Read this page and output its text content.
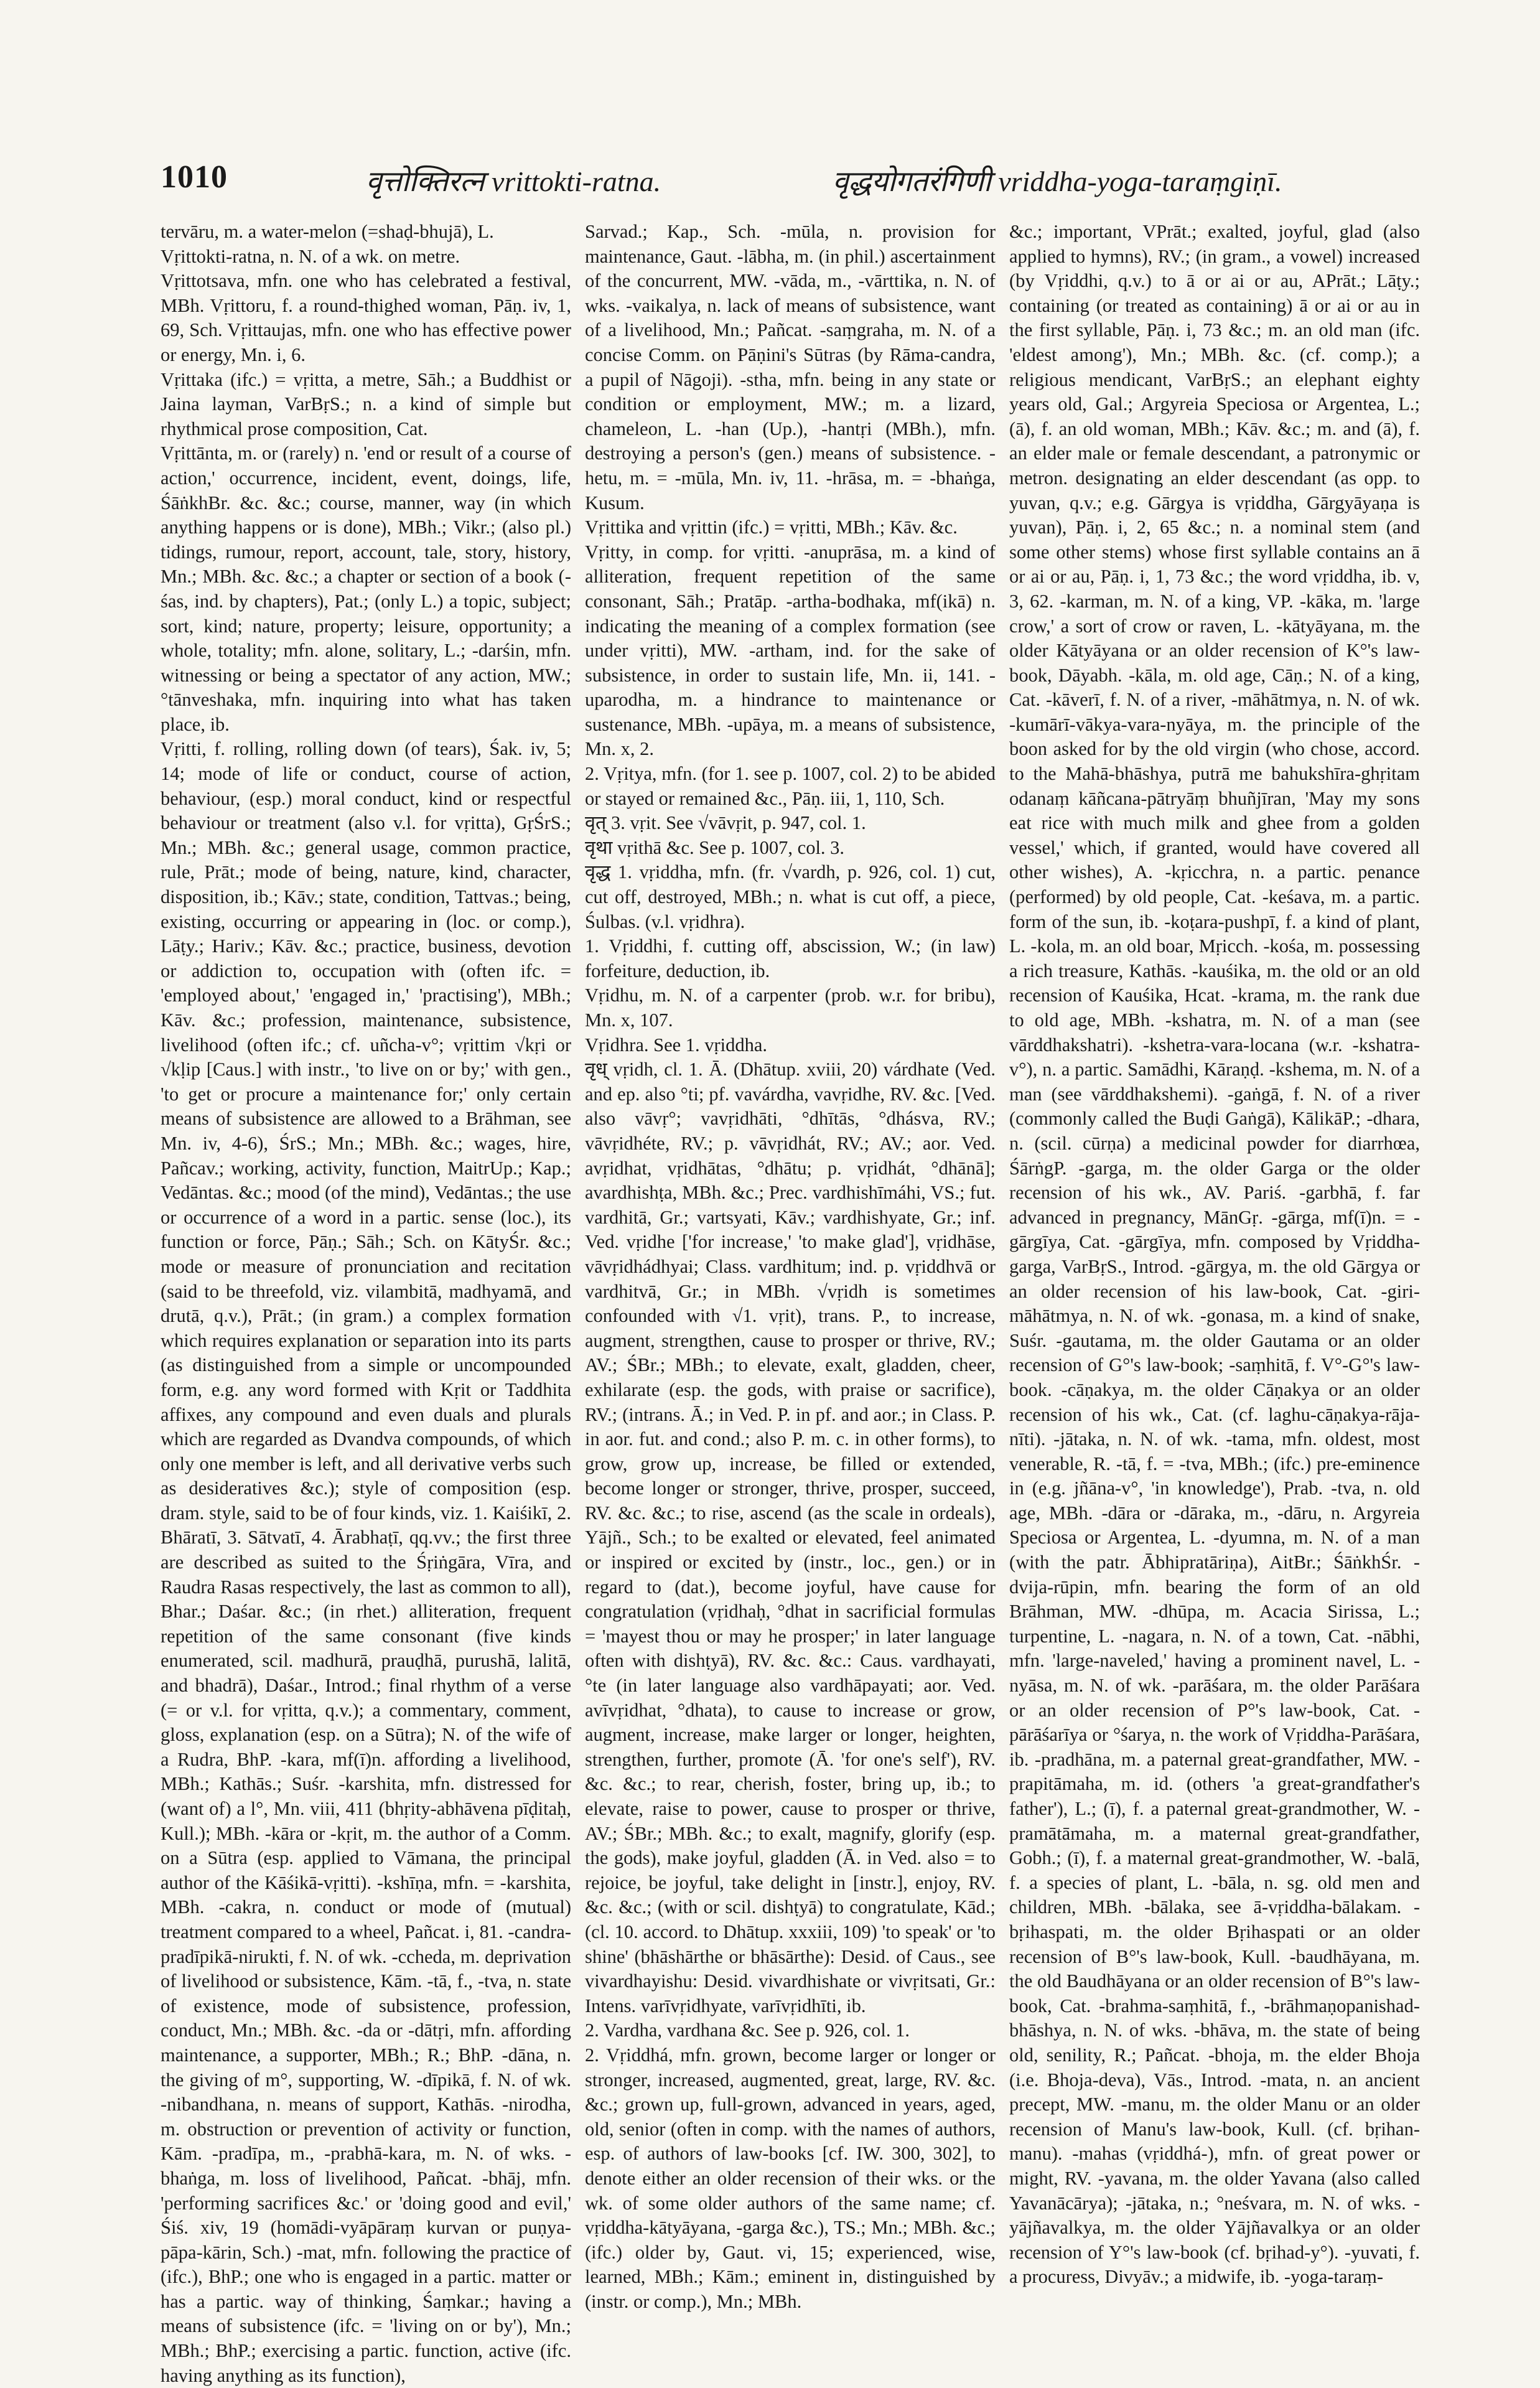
1010	वृत्तोक्तिरत्न vrittokti-ratna.	वृद्धयोगतरंगिणी vriddha-yoga-taraṃgiṇī.

tervāru, m. a water-melon (=shaḍ-bhujā), L.

Vṛittokti-ratna, n. N. of a wk. on metre.

Vṛittotsava, mfn. one who has celebrated a festival, MBh. Vṛittoru, f. a round-thighed woman, Pāṇ. iv, 1, 69, Sch. Vṛittaujas, mfn. one who has effective power or energy, Mn. i, 6.

Vṛittaka (ifc.) = vṛitta, a metre, Sāh.; a Buddhist or Jaina layman, VarBṛS.; n. a kind of simple but rhythmical prose composition, Cat.

Vṛittānta, m. or (rarely) n. 'end or result of a course of action,' occurrence, incident, event, doings, life, ŚāṅkhBr. &c. &c.; course, manner, way (in which anything happens or is done), MBh.; Vikr.; (also pl.) tidings, rumour, report, account, tale, story, history, Mn.; MBh. &c. &c.; a chapter or section of a book (-śas, ind. by chapters), Pat.; (only L.) a topic, subject; sort, kind; nature, property; leisure, opportunity; a whole, totality; mfn. alone, solitary, L.; -darśin, mfn. witnessing or being a spectator of any action, MW.; °tānveshaka, mfn. inquiring into what has taken place, ib.

Vṛitti, f. rolling, rolling down (of tears), Śak. iv, 5; 14; mode of life or conduct, course of action, behaviour, (esp.) moral conduct, kind or respectful behaviour or treatment (also v.l. for vṛitta), GṛŚrS.; Mn.; MBh. &c.; general usage, common practice, rule, Prāt.; mode of being, nature, kind, character, disposition, ib.; Kāv.; state, condition, Tattvas.; being, existing, occurring or appearing in (loc. or comp.), Lāṭy.; Hariv.; Kāv. &c.; practice, business, devotion or addiction to, occupation with (often ifc. = 'employed about,' 'engaged in,' 'practising'), MBh.; Kāv. &c.; profession, maintenance, subsistence, livelihood (often ifc.; cf. uñcha-v°; vṛittim √kṛi or √kḷip [Caus.] with instr., 'to live on or by;' with gen., 'to get or procure a maintenance for;' only certain means of subsistence are allowed to a Brāhman, see Mn. iv, 4-6), ŚrS.; Mn.; MBh. &c.; wages, hire, Pañcav.; working, activity, function, MaitrUp.; Kap.; Vedāntas. &c.; mood (of the mind), Vedāntas.; the use or occurrence of a word in a partic. sense (loc.), its function or force, Pāṇ.; Sāh.; Sch. on KātyŚr. &c.; mode or measure of pronunciation and recitation (said to be threefold, viz. vilambitā, madhyamā, and drutā, q.v.), Prāt.; (in gram.) a complex formation which requires explanation or separation into its parts (as distinguished from a simple or uncompounded form, e.g. any word formed with Kṛit or Taddhita affixes, any compound and even duals and plurals which are regarded as Dvandva compounds, of which only one member is left, and all derivative verbs such as desideratives &c.); style of composition (esp. dram. style, said to be of four kinds, viz. 1. Kaiśikī, 2. Bhāratī, 3. Sātvatī, 4. Ārabhaṭī, qq.vv.; the first three are described as suited to the Śṛiṅgāra, Vīra, and Raudra Rasas respectively, the last as common to all), Bhar.; Daśar. &c.; (in rhet.) alliteration, frequent repetition of the same consonant (five kinds enumerated, scil. madhurā, prauḍhā, purushā, lalitā, and bhadrā), Daśar., Introd.; final rhythm of a verse (= or v.l. for vṛitta, q.v.); a commentary, comment, gloss, explanation (esp. on a Sūtra); N. of the wife of a Rudra, BhP. -kara, mf(ī)n. affording a livelihood, MBh.; Kathās.; Suśr. -karshita, mfn. distressed for (want of) a l°, Mn. viii, 411 (bhṛity-abhāvena pīḍitaḥ, Kull.); MBh. -kāra or -kṛit, m. the author of a Comm. on a Sūtra (esp. applied to Vāmana, the principal author of the Kāśikā-vṛitti). -kshīṇa, mfn. = -karshita, MBh. -cakra, n. conduct or mode of (mutual) treatment compared to a wheel, Pañcat. i, 81. -candra-pradīpikā-nirukti, f. N. of wk. -ccheda, m. deprivation of livelihood or subsistence, Kām. -tā, f., -tva, n. state of existence, mode of subsistence, profession, conduct, Mn.; MBh. &c. -da or -dātṛi, mfn. affording maintenance, a supporter, MBh.; R.; BhP. -dāna, n. the giving of m°, supporting, W. -dīpikā, f. N. of wk. -nibandhana, n. means of support, Kathās. -nirodha, m. obstruction or prevention of activity or function, Kām. -pradīpa, m., -prabhā-kara, m. N. of wks. -bhaṅga, m. loss of livelihood, Pañcat. -bhāj, mfn. 'performing sacrifices &c.' or 'doing good and evil,' Śiś. xiv, 19 (homādi-vyāpāraṃ kurvan or puṇya-pāpa-kārin, Sch.) -mat, mfn. following the practice of (ifc.), BhP.; one who is engaged in a partic. matter or has a partic. way of thinking, Śaṃkar.; having a means of subsistence (ifc. = 'living on or by'), Mn.; MBh.; BhP.; exercising a partic. function, active (ifc. having anything as its function),

Sarvad.; Kap., Sch. -mūla, n. provision for maintenance, Gaut. -lābha, m. (in phil.) ascertainment of the concurrent, MW. -vāda, m., -vārttika, n. N. of wks. -vaikalya, n. lack of means of subsistence, want of a livelihood, Mn.; Pañcat. -saṃgraha, m. N. of a concise Comm. on Pāṇini's Sūtras (by Rāma-candra, a pupil of Nāgoji). -stha, mfn. being in any state or condition or employment, MW.; m. a lizard, chameleon, L. -han (Up.), -hantṛi (MBh.), mfn. destroying a person's (gen.) means of subsistence. -hetu, m. = -mūla, Mn. iv, 11. -hrāsa, m. = -bhaṅga, Kusum.

Vṛittika and vṛittin (ifc.) = vṛitti, MBh.; Kāv. &c.

Vṛitty, in comp. for vṛitti. -anuprāsa, m. a kind of alliteration, frequent repetition of the same consonant, Sāh.; Pratāp. -artha-bodhaka, mf(ikā) n. indicating the meaning of a complex formation (see under vṛitti), MW. -artham, ind. for the sake of subsistence, in order to sustain life, Mn. ii, 141. -uparodha, m. a hindrance to maintenance or sustenance, MBh. -upāya, m. a means of subsistence, Mn. x, 2.

2. Vṛitya, mfn. (for 1. see p. 1007, col. 2) to be abided or stayed or remained &c., Pāṇ. iii, 1, 110, Sch.

वृत् 3. vṛit. See √vāvṛit, p. 947, col. 1.

वृथा vṛithā &c. See p. 1007, col. 3.

वृद्ध 1. vṛiddha, mfn. (fr. √vardh, p. 926, col. 1) cut, cut off, destroyed, MBh.; n. what is cut off, a piece, Śulbas. (v.l. vṛidhra).

1. Vṛiddhi, f. cutting off, abscission, W.; (in law) forfeiture, deduction, ib.

Vṛidhu, m. N. of a carpenter (prob. w.r. for bribu), Mn. x, 107.

Vṛidhra. See 1. vṛiddha.

वृध् vṛidh, cl. 1. Ā. (Dhātup. xviii, 20) várdhate (Ved. and ep. also °ti; pf. vavárdha, vavṛidhe, RV. &c. [Ved. also vāvṛ°; vavṛidhāti, °dhītās, °dhásva, RV.; vāvṛidhéte, RV.; p. vāvṛidhát, RV.; AV.; aor. Ved. avṛidhat, vṛidhātas, °dhātu; p. vṛidhát, °dhānā]; avardhishṭa, MBh. &c.; Prec. vardhishīmáhi, VS.; fut. vardhitā, Gr.; vartsyati, Kāv.; vardhishyate, Gr.; inf. Ved. vṛidhe ['for increase,' 'to make glad'], vṛidhāse, vāvṛidhádhyai; Class. vardhitum; ind. p. vṛiddhvā or vardhitvā, Gr.; in MBh. √vṛidh is sometimes confounded with √1. vṛit), trans. P., to increase, augment, strengthen, cause to prosper or thrive, RV.; AV.; ŚBr.; MBh.; to elevate, exalt, gladden, cheer, exhilarate (esp. the gods, with praise or sacrifice), RV.; (intrans. Ā.; in Ved. P. in pf. and aor.; in Class. P. in aor. fut. and cond.; also P. m. c. in other forms), to grow, grow up, increase, be filled or extended, become longer or stronger, thrive, prosper, succeed, RV. &c. &c.; to rise, ascend (as the scale in ordeals), Yājñ., Sch.; to be exalted or elevated, feel animated or inspired or excited by (instr., loc., gen.) or in regard to (dat.), become joyful, have cause for congratulation (vṛidhaḥ, °dhat in sacrificial formulas = 'mayest thou or may he prosper;' in later language often with dishṭyā), RV. &c. &c.: Caus. vardhayati, °te (in later language also vardhāpayati; aor. Ved. avīvṛidhat, °dhata), to cause to increase or grow, augment, increase, make larger or longer, heighten, strengthen, further, promote (Ā. 'for one's self'), RV. &c. &c.; to rear, cherish, foster, bring up, ib.; to elevate, raise to power, cause to prosper or thrive, AV.; ŚBr.; MBh. &c.; to exalt, magnify, glorify (esp. the gods), make joyful, gladden (Ā. in Ved. also = to rejoice, be joyful, take delight in [instr.], enjoy, RV. &c. &c.; (with or scil. dishṭyā) to congratulate, Kād.; (cl. 10. accord. to Dhātup. xxxiii, 109) 'to speak' or 'to shine' (bhāshārthe or bhāsārthe): Desid. of Caus., see vivardhayishu: Desid. vivardhishate or vivṛitsati, Gr.: Intens. varīvṛidhyate, varīvṛidhīti, ib.

2. Vardha, vardhana &c. See p. 926, col. 1.

2. Vṛiddhá, mfn. grown, become larger or longer or stronger, increased, augmented, great, large, RV. &c. &c.; grown up, full-grown, advanced in years, aged, old, senior (often in comp. with the names of authors, esp. of authors of law-books [cf. IW. 300, 302], to denote either an older recension of their wks. or the wk. of some older authors of the same name; cf. vṛiddha-kātyāyana, -garga &c.), TS.; Mn.; MBh. &c.; (ifc.) older by, Gaut. vi, 15; experienced, wise, learned, MBh.; Kām.; eminent in, distinguished by (instr. or comp.), Mn.; MBh.

&c.; important, VPrāt.; exalted, joyful, glad (also applied to hymns), RV.; (in gram., a vowel) increased (by Vṛiddhi, q.v.) to ā or ai or au, APrāt.; Lāṭy.; containing (or treated as containing) ā or ai or au in the first syllable, Pāṇ. i, 73 &c.; m. an old man (ifc. 'eldest among'), Mn.; MBh. &c. (cf. comp.); a religious mendicant, VarBṛS.; an elephant eighty years old, Gal.; Argyreia Speciosa or Argentea, L.; (ā), f. an old woman, MBh.; Kāv. &c.; m. and (ā), f. an elder male or female descendant, a patronymic or metron. designating an elder descendant (as opp. to yuvan, q.v.; e.g. Gārgya is vṛiddha, Gārgyāyaṇa is yuvan), Pāṇ. i, 2, 65 &c.; n. a nominal stem (and some other stems) whose first syllable contains an ā or ai or au, Pāṇ. i, 1, 73 &c.; the word vṛiddha, ib. v, 3, 62. -karman, m. N. of a king, VP. -kāka, m. 'large crow,' a sort of crow or raven, L. -kātyāyana, m. the older Kātyāyana or an older recension of K°'s law-book, Dāyabh. -kāla, m. old age, Cāṇ.; N. of a king, Cat. -kāverī, f. N. of a river, -māhātmya, n. N. of wk. -kumārī-vākya-vara-nyāya, m. the principle of the boon asked for by the old virgin (who chose, accord. to the Mahā-bhāshya, putrā me bahukshīra-ghṛitam odanaṃ kāñcana-pātryāṃ bhuñjīran, 'May my sons eat rice with much milk and ghee from a golden vessel,' which, if granted, would have covered all other wishes), A. -kṛicchra, n. a partic. penance (performed) by old people, Cat. -keśava, m. a partic. form of the sun, ib. -koṭara-pushpī, f. a kind of plant, L. -kola, m. an old boar, Mṛicch. -kośa, m. possessing a rich treasure, Kathās. -kauśika, m. the old or an old recension of Kauśika, Hcat. -krama, m. the rank due to old age, MBh. -kshatra, m. N. of a man (see vārddhakshatri). -kshetra-vara-locana (w.r. -kshatra-v°), n. a partic. Samādhi, Kāraṇḍ. -kshema, m. N. of a man (see vārddhakshemi). -gaṅgā, f. N. of a river (commonly called the Buḍi Gaṅgā), KālikāP.; -dhara, n. (scil. cūrṇa) a medicinal powder for diarrhœa, ŚārṅgP. -garga, m. the older Garga or the older recension of his wk., AV. Pariś. -garbhā, f. far advanced in pregnancy, MānGṛ. -gārga, mf(ī)n. = -gārgīya, Cat. -gārgīya, mfn. composed by Vṛiddha-garga, VarBṛS., Introd. -gārgya, m. the old Gārgya or an older recension of his law-book, Cat. -giri-māhātmya, n. N. of wk. -gonasa, m. a kind of snake, Suśr. -gautama, m. the older Gautama or an older recension of G°'s law-book; -saṃhitā, f. V°-G°'s law-book. -cāṇakya, m. the older Cāṇakya or an older recension of his wk., Cat. (cf. laghu-cāṇakya-rāja-nīti). -jātaka, n. N. of wk. -tama, mfn. oldest, most venerable, R. -tā, f. = -tva, MBh.; (ifc.) pre-eminence in (e.g. jñāna-v°, 'in knowledge'), Prab. -tva, n. old age, MBh. -dāra or -dāraka, m., -dāru, n. Argyreia Speciosa or Argentea, L. -dyumna, m. N. of a man (with the patr. Ābhipratāriṇa), AitBr.; ŚāṅkhŚr. -dvija-rūpin, mfn. bearing the form of an old Brāhman, MW. -dhūpa, m. Acacia Sirissa, L.; turpentine, L. -nagara, n. N. of a town, Cat. -nābhi, mfn. 'large-naveled,' having a prominent navel, L. -nyāsa, m. N. of wk. -parāśara, m. the older Parāśara or an older recension of P°'s law-book, Cat. -pārāśarīya or °śarya, n. the work of Vṛiddha-Parāśara, ib. -pradhāna, m. a paternal great-grandfather, MW. -prapitāmaha, m. id. (others 'a great-grandfather's father'), L.; (ī), f. a paternal great-grandmother, W. -pramātāmaha, m. a maternal great-grandfather, Gobh.; (ī), f. a maternal great-grandmother, W. -balā, f. a species of plant, L. -bāla, n. sg. old men and children, MBh. -bālaka, see ā-vṛiddha-bālakam. -bṛihaspati, m. the older Bṛihaspati or an older recension of B°'s law-book, Kull. -baudhāyana, m. the old Baudhāyana or an older recension of B°'s law-book, Cat. -brahma-saṃhitā, f., -brāhmaṇopanishad-bhāshya, n. N. of wks. -bhāva, m. the state of being old, senility, R.; Pañcat. -bhoja, m. the elder Bhoja (i.e. Bhoja-deva), Vās., Introd. -mata, n. an ancient precept, MW. -manu, m. the older Manu or an older recension of Manu's law-book, Kull. (cf. bṛihan-manu). -mahas (vṛiddhá-), mfn. of great power or might, RV. -yavana, m. the older Yavana (also called Yavanācārya); -jātaka, n.; °neśvara, m. N. of wks. -yājñavalkya, m. the older Yājñavalkya or an older recension of Y°'s law-book (cf. bṛihad-y°). -yuvati, f. a procuress, Divyāv.; a midwife, ib. -yoga-taraṃ-
